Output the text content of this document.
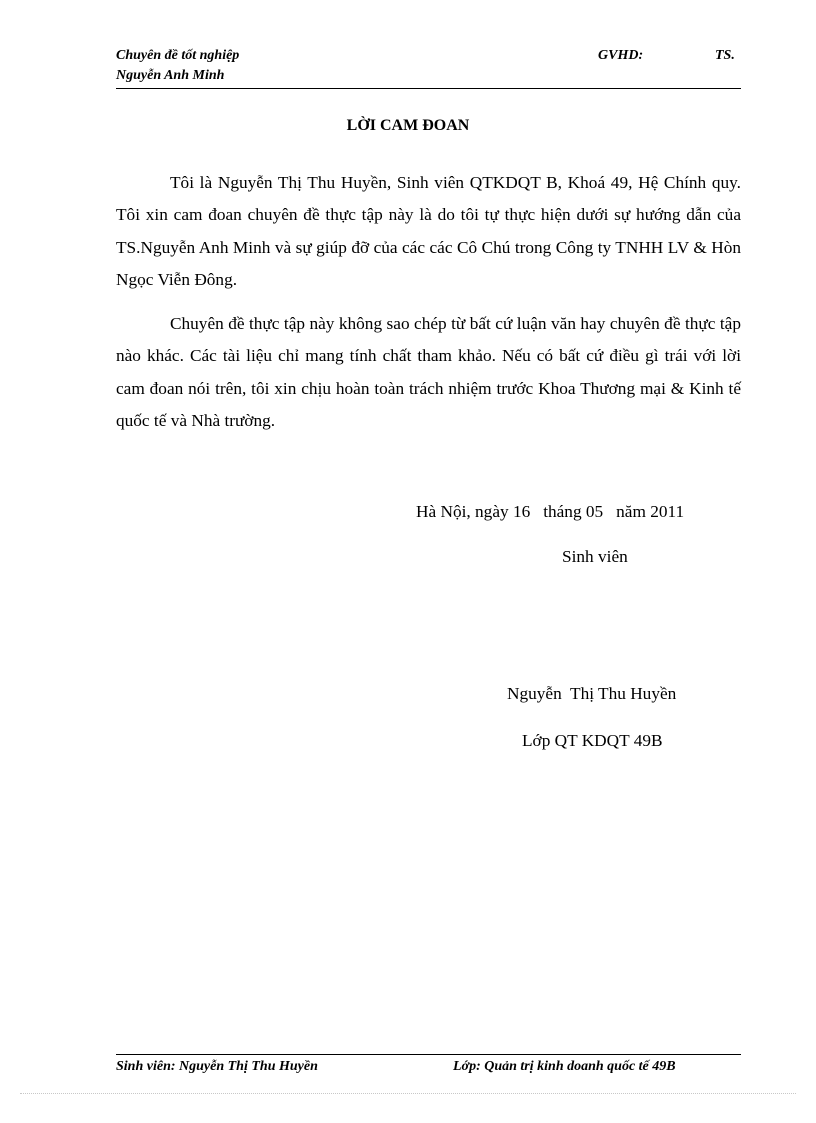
Chuyên đề tốt nghiệp	GVHD:	TS.
Nguyễn Anh Minh
LỜI CAM ĐOAN

Tôi là Nguyễn Thị Thu Huyền, Sinh viên QTKDQT B, Khoá 49, Hệ Chính quy. Tôi xin cam đoan chuyên đề thực tập này là do tôi tự thực hiện dưới sự hướng dẫn của TS.Nguyễn Anh Minh và sự giúp đỡ của các các Cô Chú trong Công ty TNHH LV & Hòn Ngọc Viễn Đông.

Chuyên đề thực tập này không sao chép từ bất cứ luận văn hay chuyên đề thực tập nào khác. Các tài liệu chỉ mang tính chất tham khảo. Nếu có bất cứ điều gì trái với lời cam đoan nói trên, tôi xin chịu hoàn toàn trách nhiệm trước Khoa Thương mại & Kinh tế quốc tế và Nhà trường.

Hà Nội, ngày 16   tháng 05   năm 2011
Sinh viên
Nguyễn  Thị Thu Huyền
Lớp QT KDQT 49B
Sinh viên: Nguyễn Thị Thu Huyền	Lớp: Quản trị kinh doanh quốc tế 49B
